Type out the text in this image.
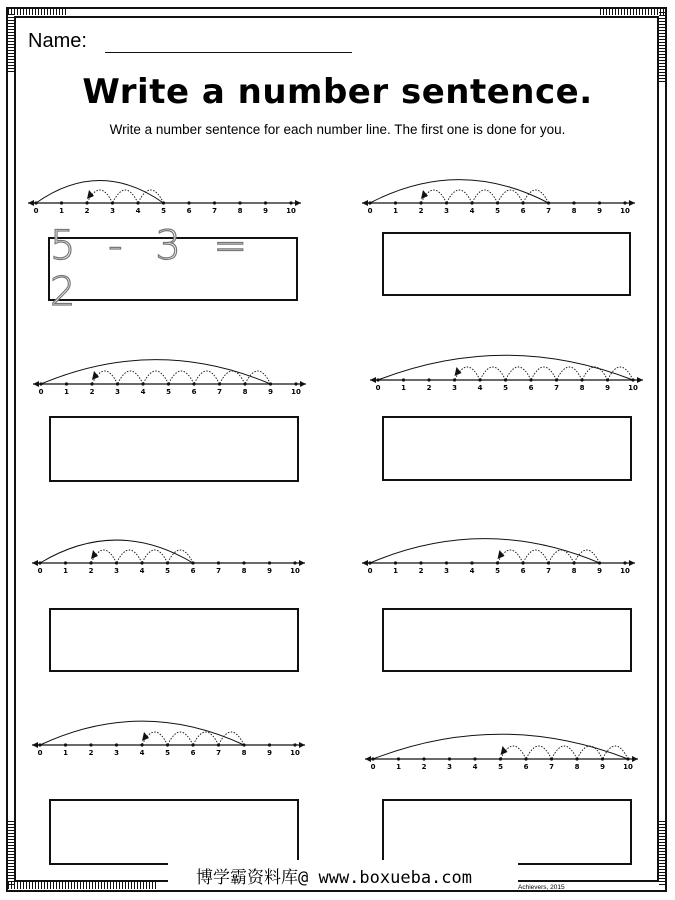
Name:
Write a number sentence.
Write a number sentence for each number line. The first one is done for you.
0	1	2	3	4	5	6	7	8	9	10
5 - 3 = 2
0	1	2	3	4	5	6	7	8	9	10
0	1	2	3	4	5	6	7	8	9	10	0	1	2	3	4	5	6	7	8	9	10
0	1	2	3	4	5	6	7	8	9	10	0	1	2	3	4	5	6	7	8	9	10
0	1	2	3	4	5	6	7	8	9	10
0	1	2	3	4	5	6	7	8	9	10
博学霸资料库@ www.boxueba.com	Achievers, 2015
